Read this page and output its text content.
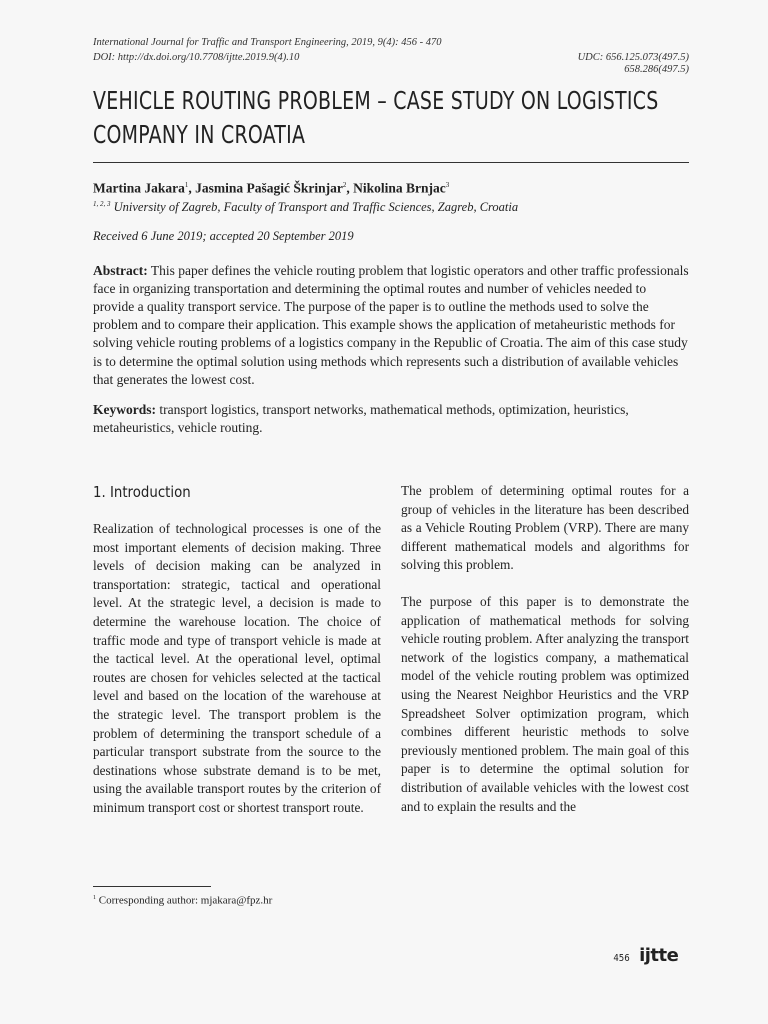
International Journal for Traffic and Transport Engineering, 2019, 9(4): 456 - 470
DOI: http://dx.doi.org/10.7708/ijtte.2019.9(4).10	UDC: 656.125.073(497.5)
658.286(497.5)
VEHICLE ROUTING PROBLEM – CASE STUDY ON LOGISTICS COMPANY IN CROATIA
Martina Jakara$^1$, Jasmina Pašagić Škrinjar$^2$, Nikolina Brnjac$^3$
$^{1, 2, 3}$ University of Zagreb, Faculty of Transport and Traffic Sciences, Zagreb, Croatia
Received 6 June 2019; accepted 20 September 2019
Abstract: This paper defines the vehicle routing problem that logistic operators and other traffic professionals face in organizing transportation and determining the optimal routes and number of vehicles needed to provide a quality transport service. The purpose of the paper is to outline the methods used to solve the problem and to compare their application. This example shows the application of metaheuristic methods for solving vehicle routing problems of a logistics company in the Republic of Croatia. The aim of this case study is to determine the optimal solution using methods which represents such a distribution of available vehicles that generates the lowest cost.
Keywords: transport logistics, transport networks, mathematical methods, optimization, heuristics, metaheuristics, vehicle routing.
1. Introduction

Realization of technological processes is one of the most important elements of decision making. Three levels of decision making can be analyzed in transportation: strategic, tactical and operational level. At the strategic level, a decision is made to determine the warehouse location. The choice of traffic mode and type of transport vehicle is made at the tactical level. At the operational level, optimal routes are chosen for vehicles selected at the tactical level and based on the location of the warehouse at the strategic level. The transport problem is the problem of determining the transport schedule of a particular transport substrate from the source to the destinations whose substrate demand is to be met, using the available transport routes by the criterion of minimum transport cost or shortest transport route.

The problem of determining optimal routes for a group of vehicles in the literature has been described as a Vehicle Routing Problem (VRP). There are many different mathematical models and algorithms for solving this problem.

The purpose of this paper is to demonstrate the application of mathematical methods for solving vehicle routing problem. After analyzing the transport network of the logistics company, a mathematical model of the vehicle routing problem was optimized using the Nearest Neighbor Heuristics and the VRP Spreadsheet Solver optimization program, which combines different heuristic methods to solve previously mentioned problem. The main goal of this paper is to determine the optimal solution for distribution of available vehicles with the lowest cost and to explain the results and the

$^1$ Corresponding author: mjakara@fpz.hr
456 ijtte
